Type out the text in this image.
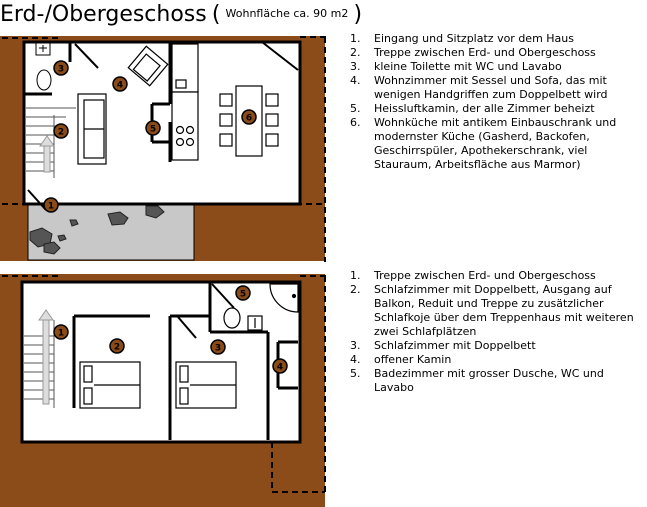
Erd-/Obergeschoss ( $^{Wohnfläche ca. 90 m2}$ )
1
2
3
4
5
6
1
2	3
4
5
1. Eingang und Sitzplatz vor dem Haus
2. Treppe zwischen Erd- und Obergeschoss
3. kleine Toilette mit WC und Lavabo
4. Wohnzimmer mit Sessel und Sofa, das mit wenigen Handgriffen zum Doppelbett wird
5. Heissluftkamin, der alle Zimmer beheizt
6. Wohnküche mit antikem Einbauschrank und modernster Küche (Gasherd, Backofen, Geschirrspüler, Apothekerschrank, viel Stauraum, Arbeitsfläche aus Marmor)
1. Treppe zwischen Erd- und Obergeschoss
2. Schlafzimmer mit Doppelbett, Ausgang auf Balkon, Reduit und Treppe zu zusätzlicher Schlafkoje über dem Treppenhaus mit weiteren zwei Schlafplätzen
3. Schlafzimmer mit Doppelbett
4. offener Kamin
5. Badezimmer mit grosser Dusche, WC und Lavabo
